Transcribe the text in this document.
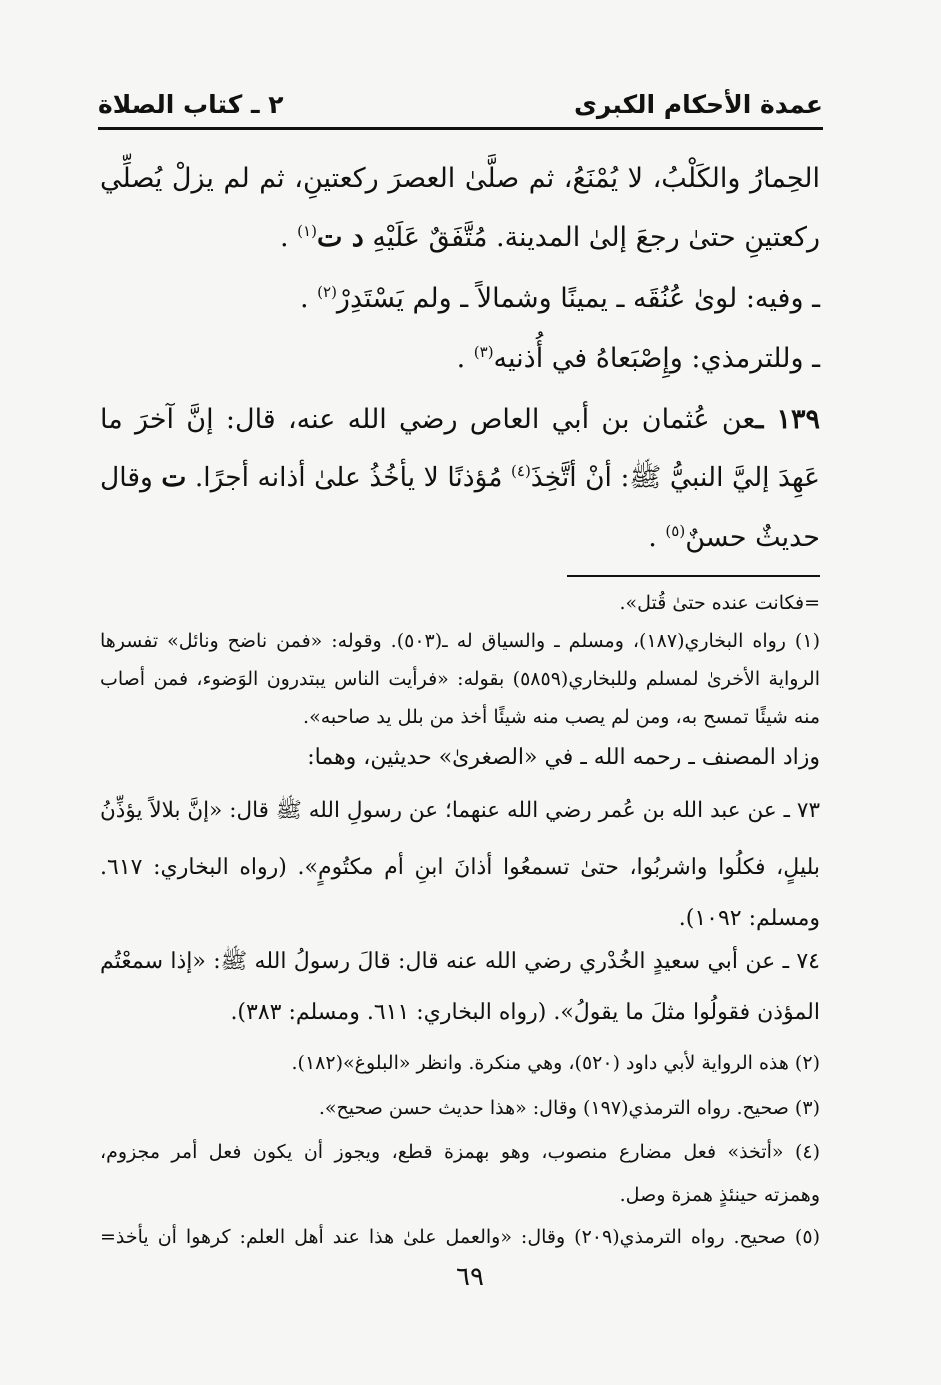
عمدة الأحكام الكبرى
٢ ـ كتاب الصلاة
الحِمارُ والكَلْبُ، لا يُمْنَعُ، ثم صلَّىٰ العصرَ ركعتينِ، ثم لم يزلْ يُصلِّي
ركعتينِ حتىٰ رجعَ إلىٰ المدينة. مُتَّفَقٌ عَلَيْهِ د ت$^{(١)}$ .
ـ وفيه: لوىٰ عُنُقَه ـ يمينًا وشمالاً ـ ولم يَسْتَدِرْ$^{(٢)}$ .
ـ وللترمذي: وإِصْبَعاهُ في أُذنيه$^{(٣)}$ .
١٣٩ ـعن عُثمان بن أبي العاص رضي الله عنه، قال: إنَّ آخرَ ما
عَهِدَ إليَّ النبيُّ ﷺ: أنْ أتَّخِذَ$^{(٤)}$ مُؤذنًا لا يأخُذُ علىٰ أذانه أجرًا. ت وقال
حديثٌ حسنٌ$^{(٥)}$ .
=فكانت عنده حتىٰ قُتل».
(١) رواه البخاري(١٨٧)، ومسلم ـ والسياق له ـ(٥٠٣). وقوله: «فمن ناضح ونائل» تفسرها
الرواية الأخرىٰ لمسلم وللبخاري(٥٨٥٩) بقوله: «فرأيت الناس يبتدرون الوَضوء، فمن أصاب
منه شيئًا تمسح به، ومن لم يصب منه شيئًا أخذ من بلل يد صاحبه».
وزاد المصنف ـ رحمه الله ـ في «الصغرىٰ» حديثين، وهما:
٧٣ ـ عن عبد الله بن عُمر رضي الله عنهما؛ عن رسولِ الله ﷺ قال: «إنَّ بلالاً يؤذِّنُ
بليلٍ، فكلُوا واشربُوا، حتىٰ تسمعُوا أذانَ ابنِ أم مكتُومٍ». (رواه البخاري: ٦١٧.
ومسلم: ١٠٩٢).
٧٤ ـ عن أبي سعيدٍ الخُدْري رضي الله عنه قال: قالَ رسولُ الله ﷺ: «إذا سمعْتُم
المؤذن فقولُوا مثلَ ما يقولُ». (رواه البخاري: ٦١١. ومسلم: ٣٨٣).
(٢) هذه الرواية لأبي داود (٥٢٠)، وهي منكرة. وانظر «البلوغ»(١٨٢).
(٣) صحيح. رواه الترمذي(١٩٧) وقال: «هذا حديث حسن صحيح».
(٤) «أتخذ» فعل مضارع منصوب، وهو بهمزة قطع، ويجوز أن يكون فعل أمر مجزوم،
وهمزته حينئذٍ همزة وصل.
(٥) صحيح. رواه الترمذي(٢٠٩) وقال: «والعمل علىٰ هذا عند أهل العلم: كرهوا أن يأخذ=
٦٩
